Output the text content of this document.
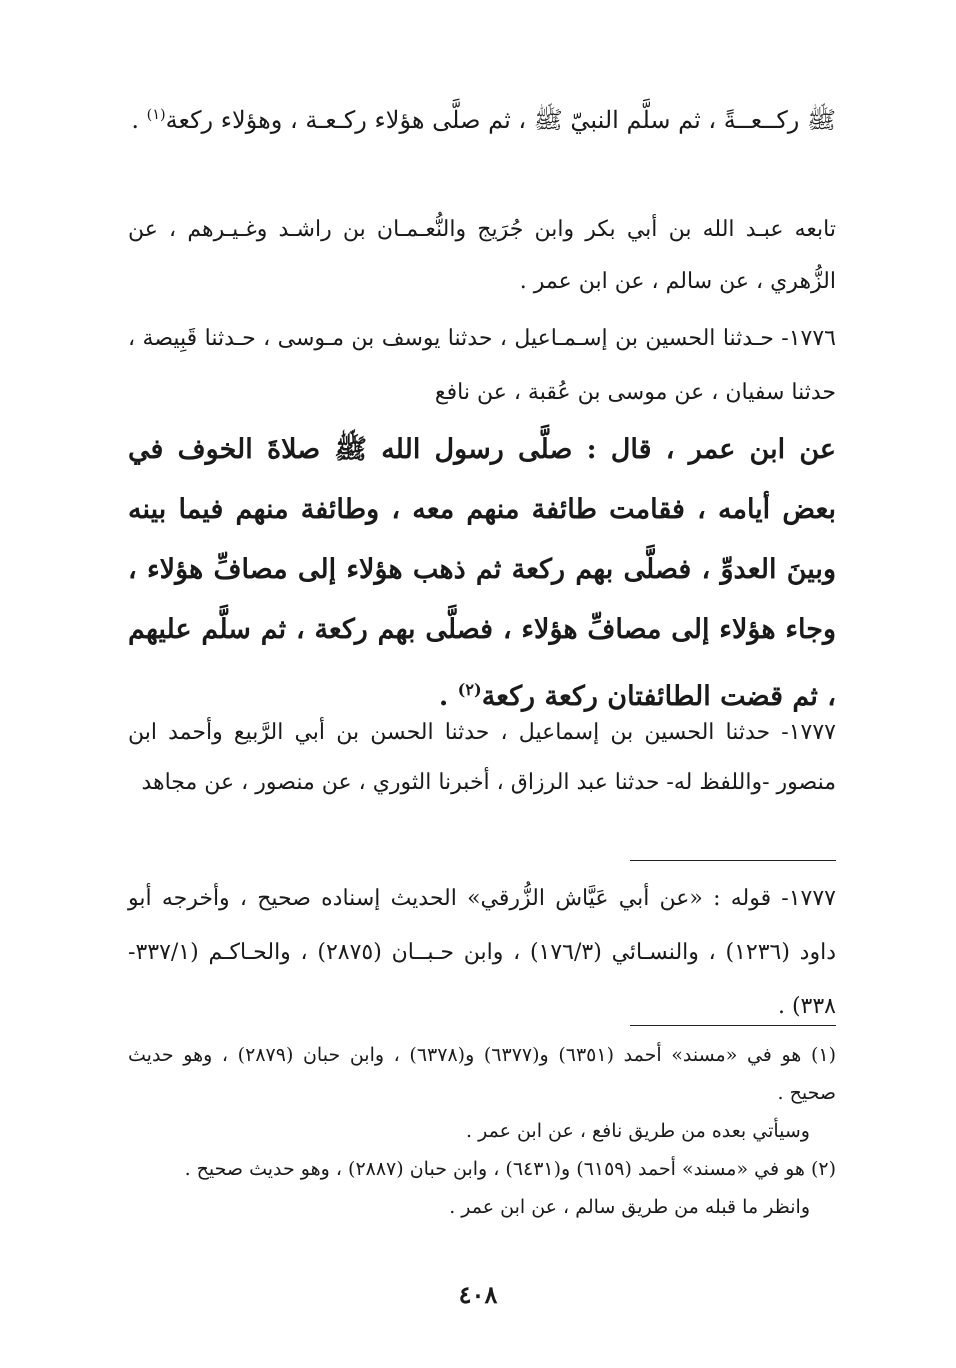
ﷺ ركــعــةً ، ثم سلَّم النبيّ ﷺ ، ثم صلَّى هؤلاء ركـعـة ، وهؤلاء ركعة$^{(١)}$ .
تابعه عبـد الله بن أبي بكر وابن جُرَيج والنُّعـمـان بن راشـد وغـيـرهم ، عن الزُّهري ، عن سالم ، عن ابن عمر .
١٧٧٦- حـدثنا الحسين بن إسـمـاعيل ، حدثنا يوسف بن مـوسى ، حـدثنا قَبِيصة ، حدثنا سفيان ، عن موسى بن عُقبة ، عن نافع
عن ابن عمر ، قال : صلَّى رسول الله ﷺ صلاةَ الخوف في بعض أيامه ، فقامت طائفة منهم معه ، وطائفة منهم فيما بينه وبينَ العدوِّ ، فصلَّى بهم ركعة ثم ذهب هؤلاء إلى مصافِّ هؤلاء ، وجاء هؤلاء إلى مصافِّ هؤلاء ، فصلَّى بهم ركعة ، ثم سلَّم عليهم ، ثم قضت الطائفتان ركعة ركعة$^{(٢)}$ .
١٧٧٧- حدثنا الحسين بن إسماعيل ، حدثنا الحسن بن أبي الرَّبيع وأحمد ابن منصور -واللفظ له- حدثنا عبد الرزاق ، أخبرنا الثوري ، عن منصور ، عن مجاهد
١٧٧٧- قوله : «عن أبي عَيَّاش الزُّرقي» الحديث إسناده صحيح ، وأخرجه أبو داود (١٢٣٦) ، والنسـائي (١٧٦/٣) ، وابن حـبــان (٢٨٧٥) ، والحـاكـم (٣٣٧/١- ٣٣٨) .
(١) هو في «مسند» أحمد (٦٣٥١) و(٦٣٧٧) و(٦٣٧٨) ، وابن حبان (٢٨٧٩) ، وهو حديث صحيح .
وسيأتي بعده من طريق نافع ، عن ابن عمر .
(٢) هو في «مسند» أحمد (٦١٥٩) و(٦٤٣١) ، وابن حبان (٢٨٨٧) ، وهو حديث صحيح .
وانظر ما قبله من طريق سالم ، عن ابن عمر .
٤٠٨
